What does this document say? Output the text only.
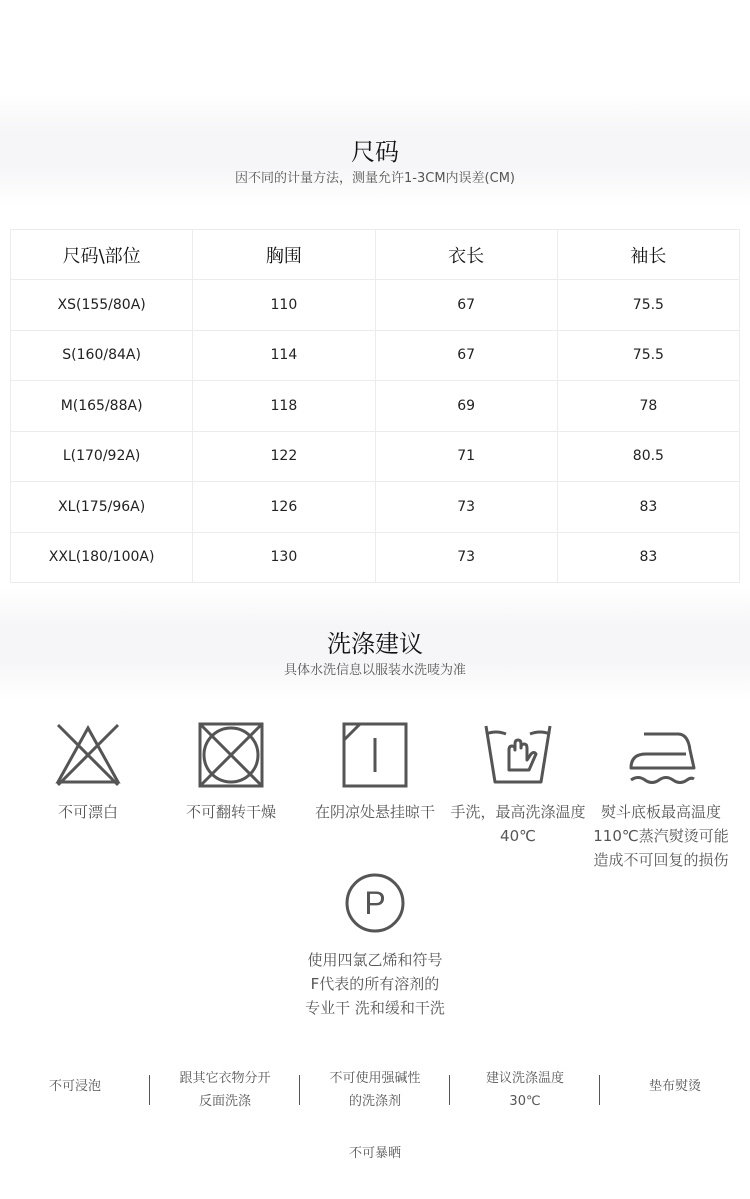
尺码
因不同的计量方法，测量允许1-3CM内误差(CM)
尺码\部位	胸围	衣长	袖长
XS(155/80A)	110	67	75.5
S(160/84A)	114	67	75.5
M(165/88A)	118	69	78
L(170/92A)	122	71	80.5
XL(175/96A)	126	73	83
XXL(180/100A)	130	73	83
洗涤建议
具体水洗信息以服装水洗唛为准
不可漂白	不可翻转干燥	在阴凉处悬挂晾干	手洗，最高洗涤温度40℃
熨斗底板最高温度110℃蒸汽熨烫可能造成不可回复的损伤
P
使用四氯乙烯和符号F代表的所有溶剂的专业干 洗和缓和干洗
不可浸泡
跟其它衣物分开
反面洗涤
不可使用强碱性
的洗涤剂
建议洗涤温度
30℃
垫布熨烫
不可暴晒
